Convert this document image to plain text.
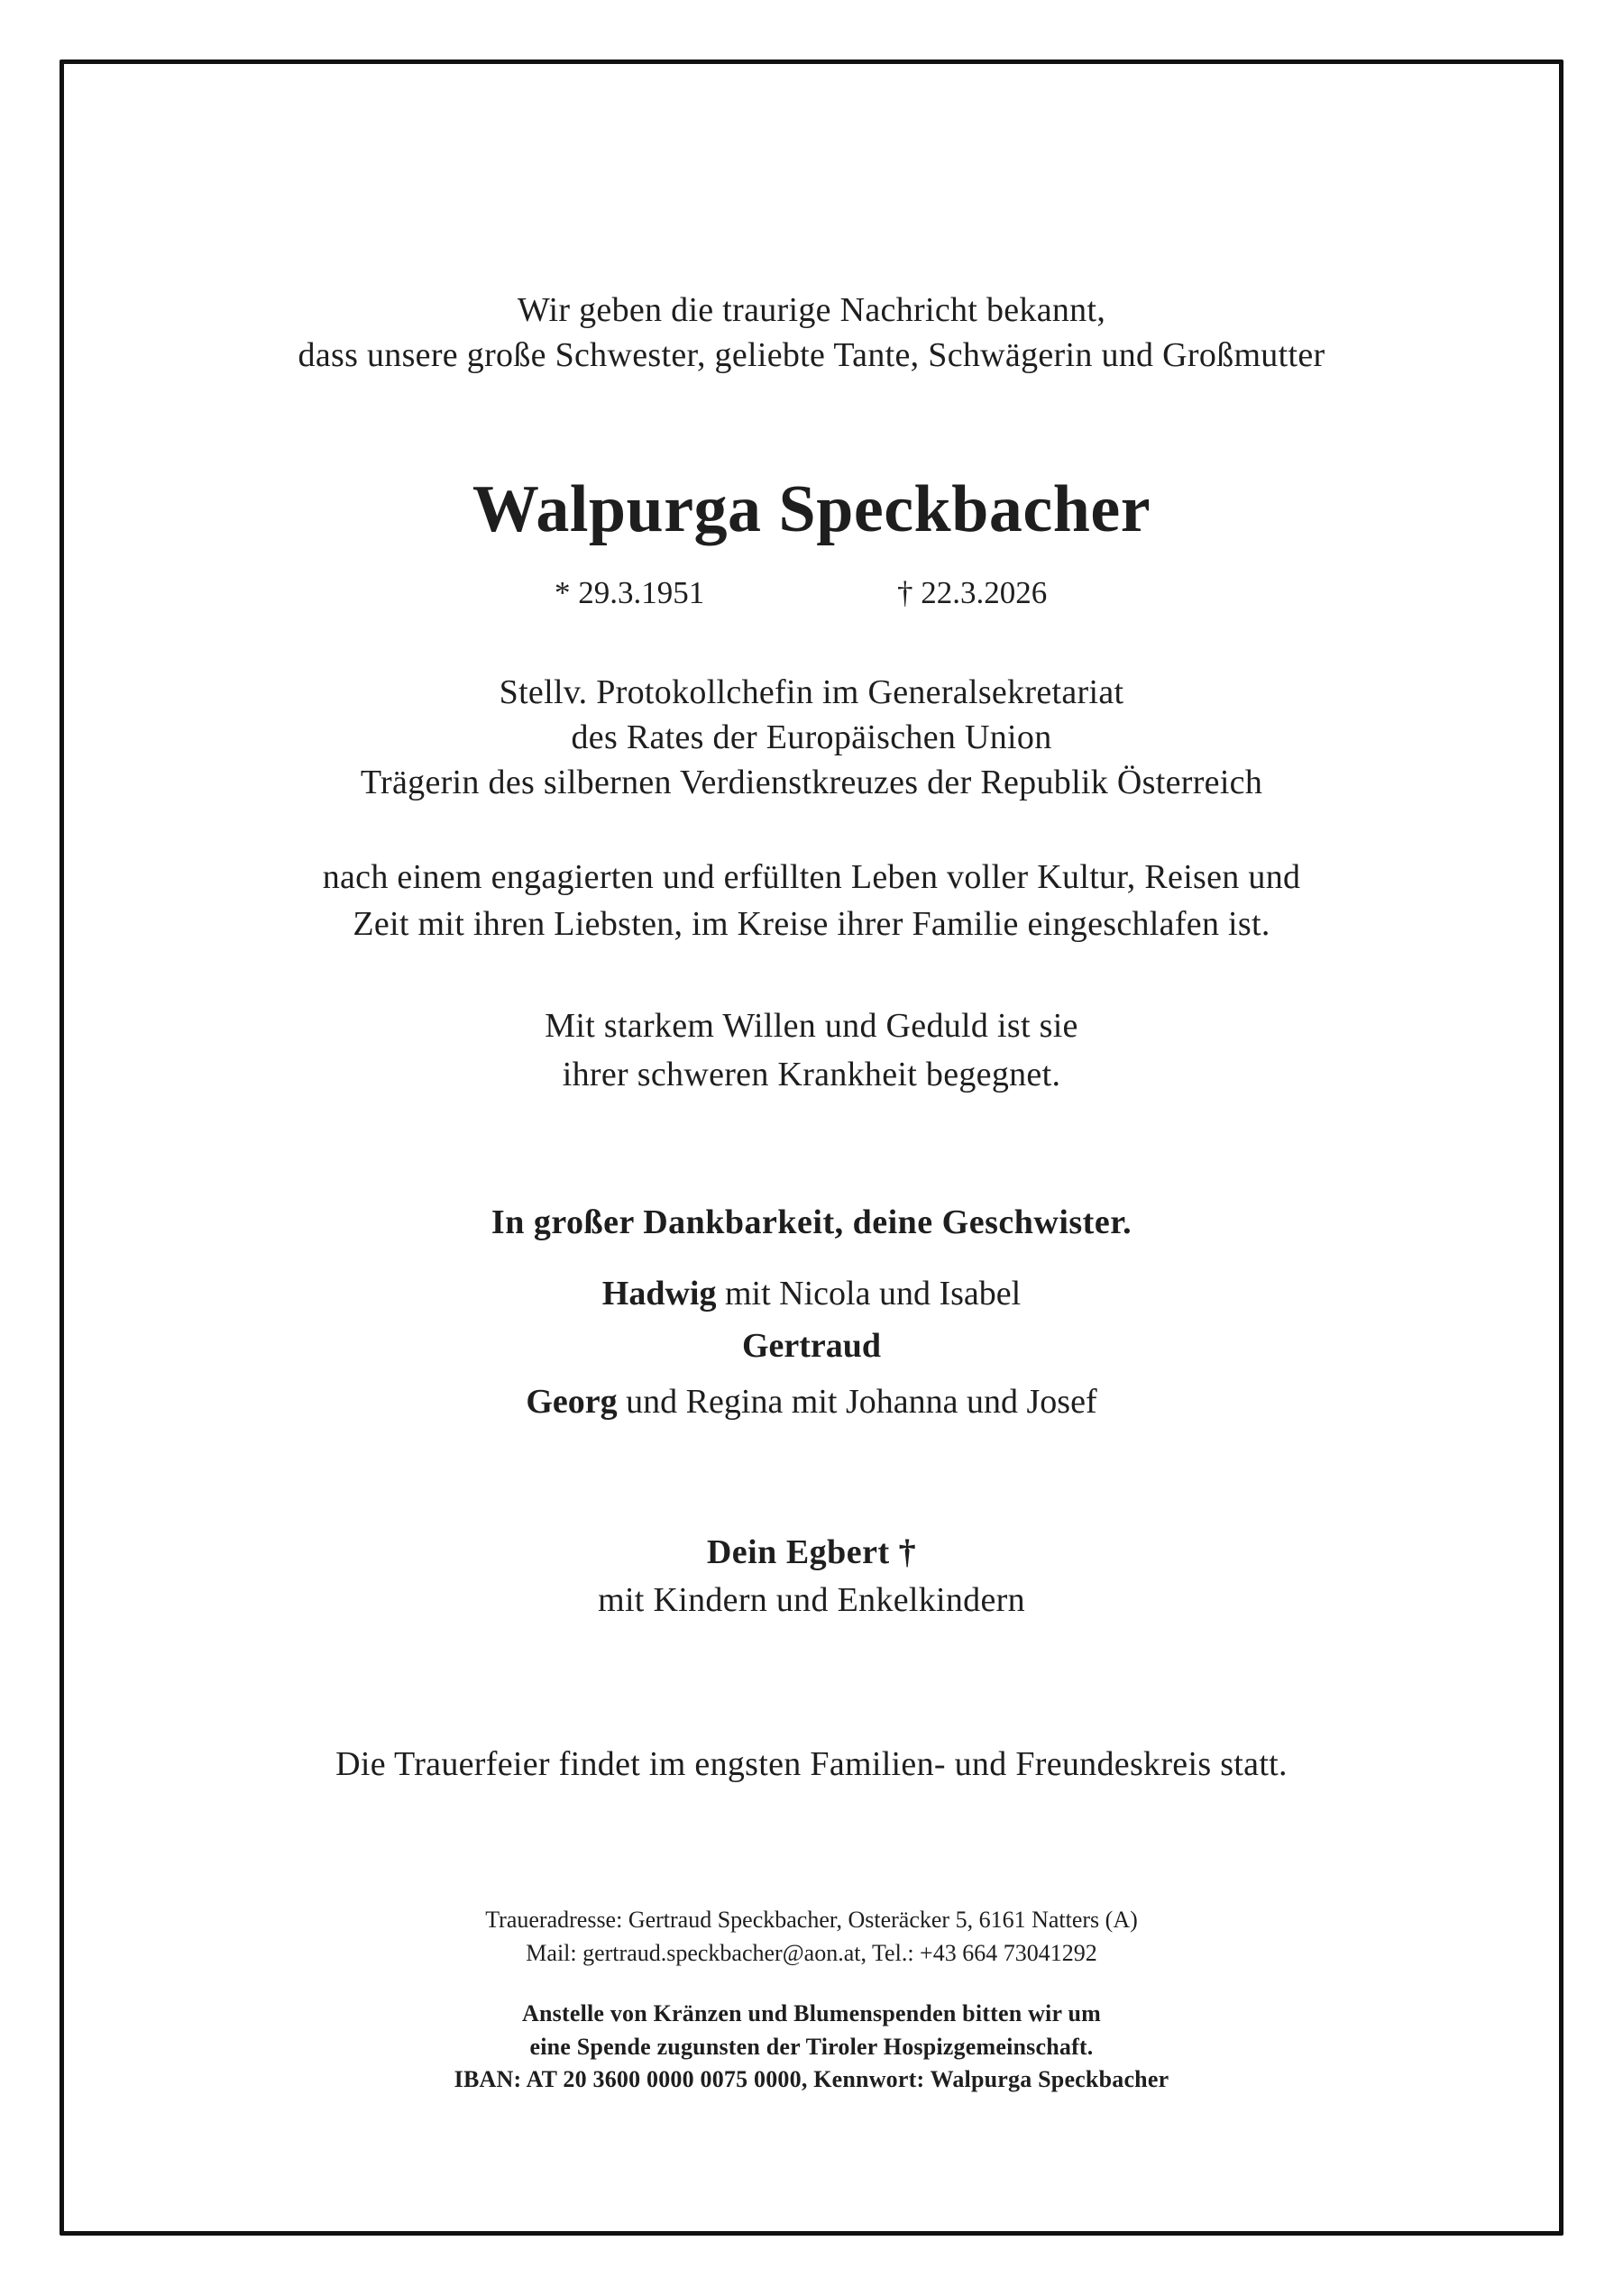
Wir geben die traurige Nachricht bekannt,
dass unsere große Schwester, geliebte Tante, Schwägerin und Großmutter
Walpurga Speckbacher
* 29.3.1951	† 22.3.2026
Stellv. Protokollchefin im Generalsekretariat
des Rates der Europäischen Union
Trägerin des silbernen Verdienstkreuzes der Republik Österreich
nach einem engagierten und erfüllten Leben voller Kultur, Reisen und
Zeit mit ihren Liebsten, im Kreise ihrer Familie eingeschlafen ist.
Mit starkem Willen und Geduld ist sie
ihrer schweren Krankheit begegnet.
In großer Dankbarkeit, deine Geschwister.
Hadwig mit Nicola und Isabel
Gertraud
Georg und Regina mit Johanna und Josef
Dein Egbert †
mit Kindern und Enkelkindern
Die Trauerfeier findet im engsten Familien- und Freundeskreis statt.
Traueradresse: Gertraud Speckbacher, Osteräcker 5, 6161 Natters (A)
Mail: gertraud.speckbacher@aon.at, Tel.: +43 664 73041292
Anstelle von Kränzen und Blumenspenden bitten wir um
eine Spende zugunsten der Tiroler Hospizgemeinschaft.
IBAN: AT 20 3600 0000 0075 0000, Kennwort: Walpurga Speckbacher
